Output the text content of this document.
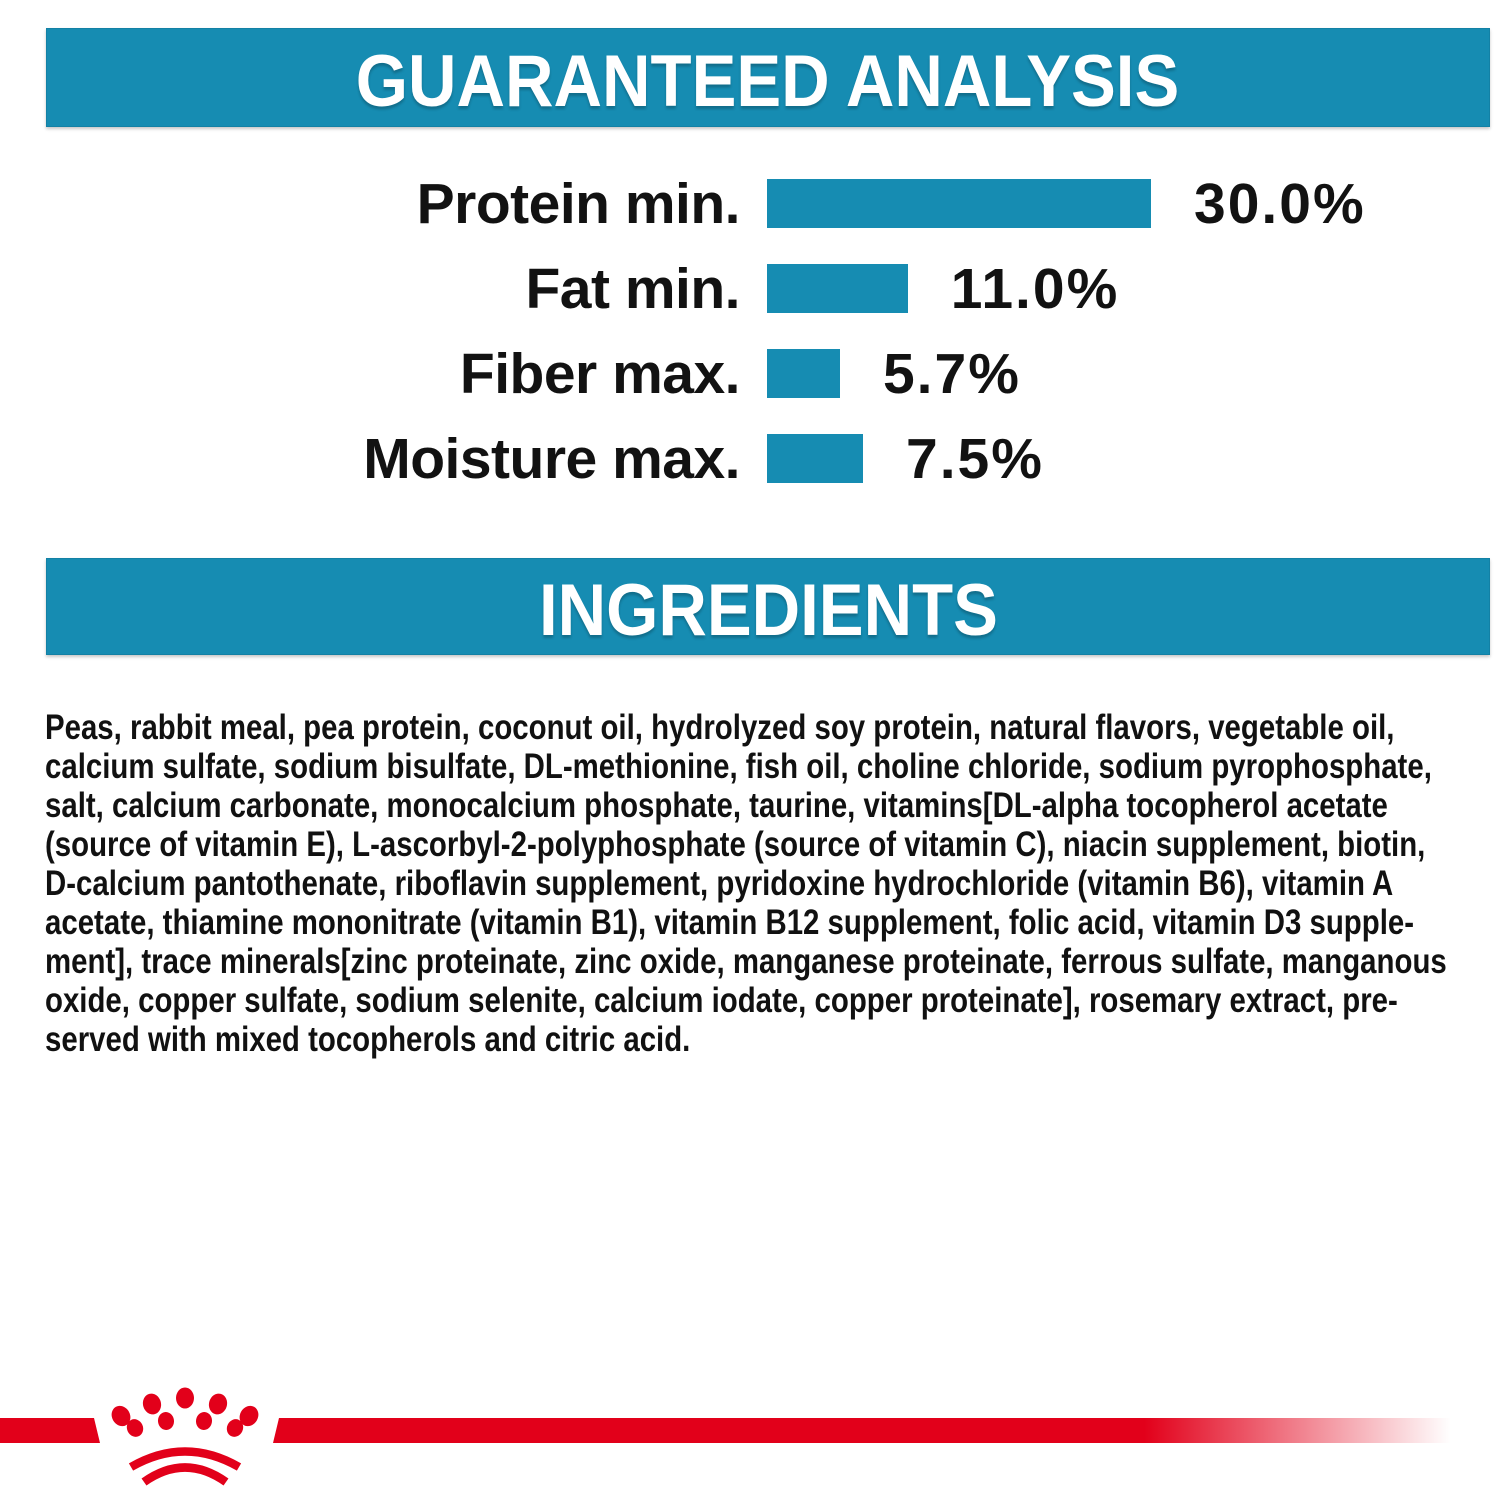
GUARANTEED ANALYSIS
Protein min.	30.0%
Fat min.	11.0%
Fiber max.	5.7%
Moisture max.	7.5%
INGREDIENTS
Peas, rabbit meal, pea protein, coconut oil, hydrolyzed soy protein, natural flavors, vegetable oil,
calcium sulfate, sodium bisulfate, DL-methionine, fish oil, choline chloride, sodium pyrophosphate,
salt, calcium carbonate, monocalcium phosphate, taurine, vitamins[DL-alpha tocopherol acetate
(source of vitamin E), L-ascorbyl-2-polyphosphate (source of vitamin C), niacin supplement, biotin,
D-calcium pantothenate, riboflavin supplement, pyridoxine hydrochloride (vitamin B6), vitamin A
acetate, thiamine mononitrate (vitamin B1), vitamin B12 supplement, folic acid, vitamin D3 supple-
ment], trace minerals[zinc proteinate, zinc oxide, manganese proteinate, ferrous sulfate, manganous
oxide, copper sulfate, sodium selenite, calcium iodate, copper proteinate], rosemary extract, pre-
served with mixed tocopherols and citric acid.
